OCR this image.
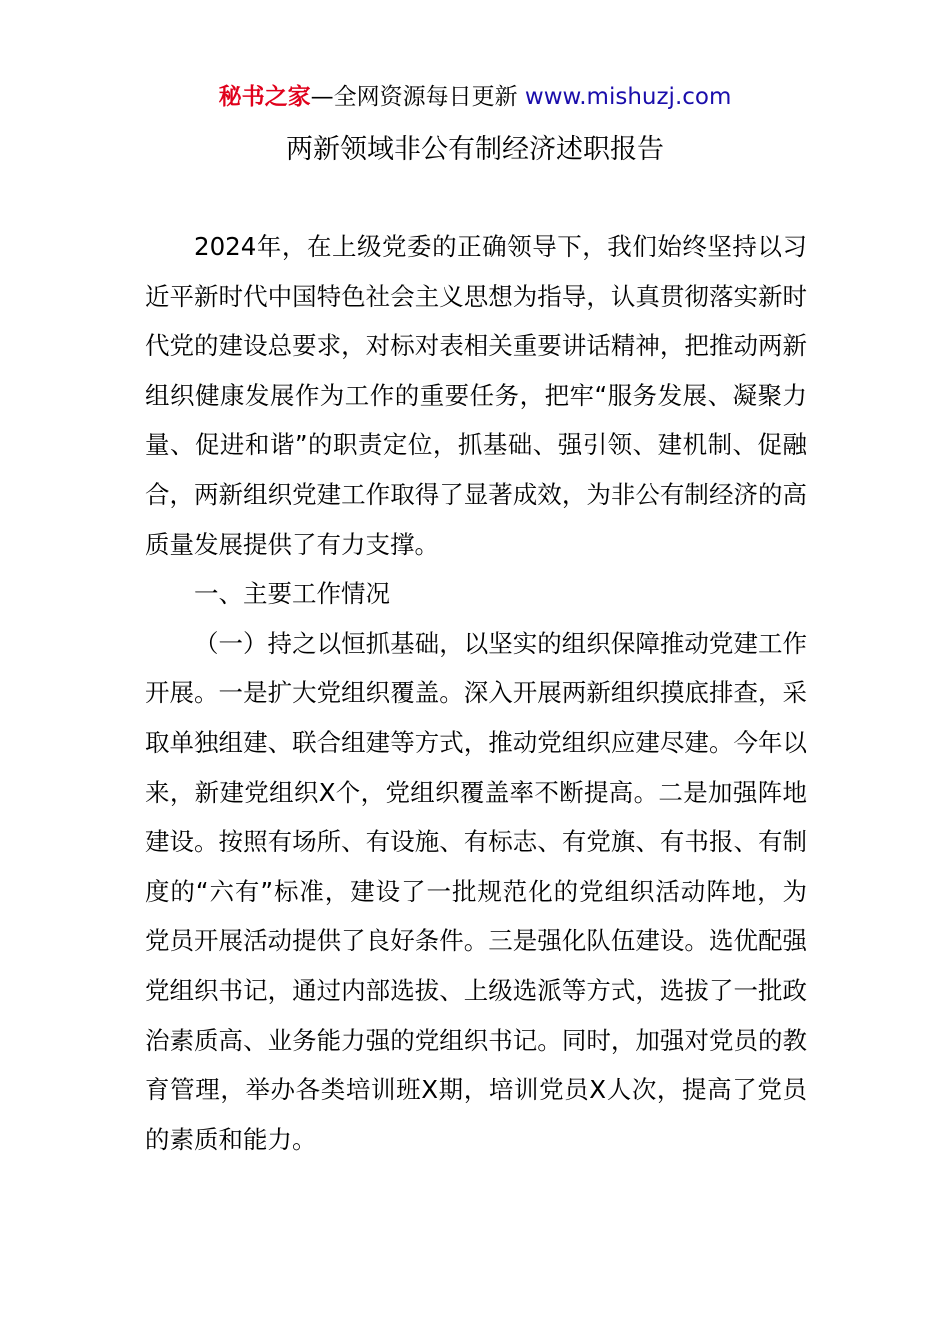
秘书之家—全网资源每日更新 www.mishuzj.com
两新领域非公有制经济述职报告

2024年，在上级党委的正确领导下，我们始终坚持以习近平新时代中国特色社会主义思想为指导，认真贯彻落实新时代党的建设总要求，对标对表相关重要讲话精神，把推动两新组织健康发展作为工作的重要任务，把牢“服务发展、凝聚力量、促进和谐”的职责定位，抓基础、强引领、建机制、促融合，两新组织党建工作取得了显著成效，为非公有制经济的高质量发展提供了有力支撑。

一、主要工作情况

（一）持之以恒抓基础，以坚实的组织保障推动党建工作开展。一是扩大党组织覆盖。深入开展两新组织摸底排查，采取单独组建、联合组建等方式，推动党组织应建尽建。今年以来，新建党组织X个，党组织覆盖率不断提高。二是加强阵地建设。按照有场所、有设施、有标志、有党旗、有书报、有制度的“六有”标准，建设了一批规范化的党组织活动阵地，为党员开展活动提供了良好条件。三是强化队伍建设。选优配强党组织书记，通过内部选拔、上级选派等方式，选拔了一批政治素质高、业务能力强的党组织书记。同时，加强对党员的教育管理，举办各类培训班X期，培训党员X人次，提高了党员的素质和能力。
